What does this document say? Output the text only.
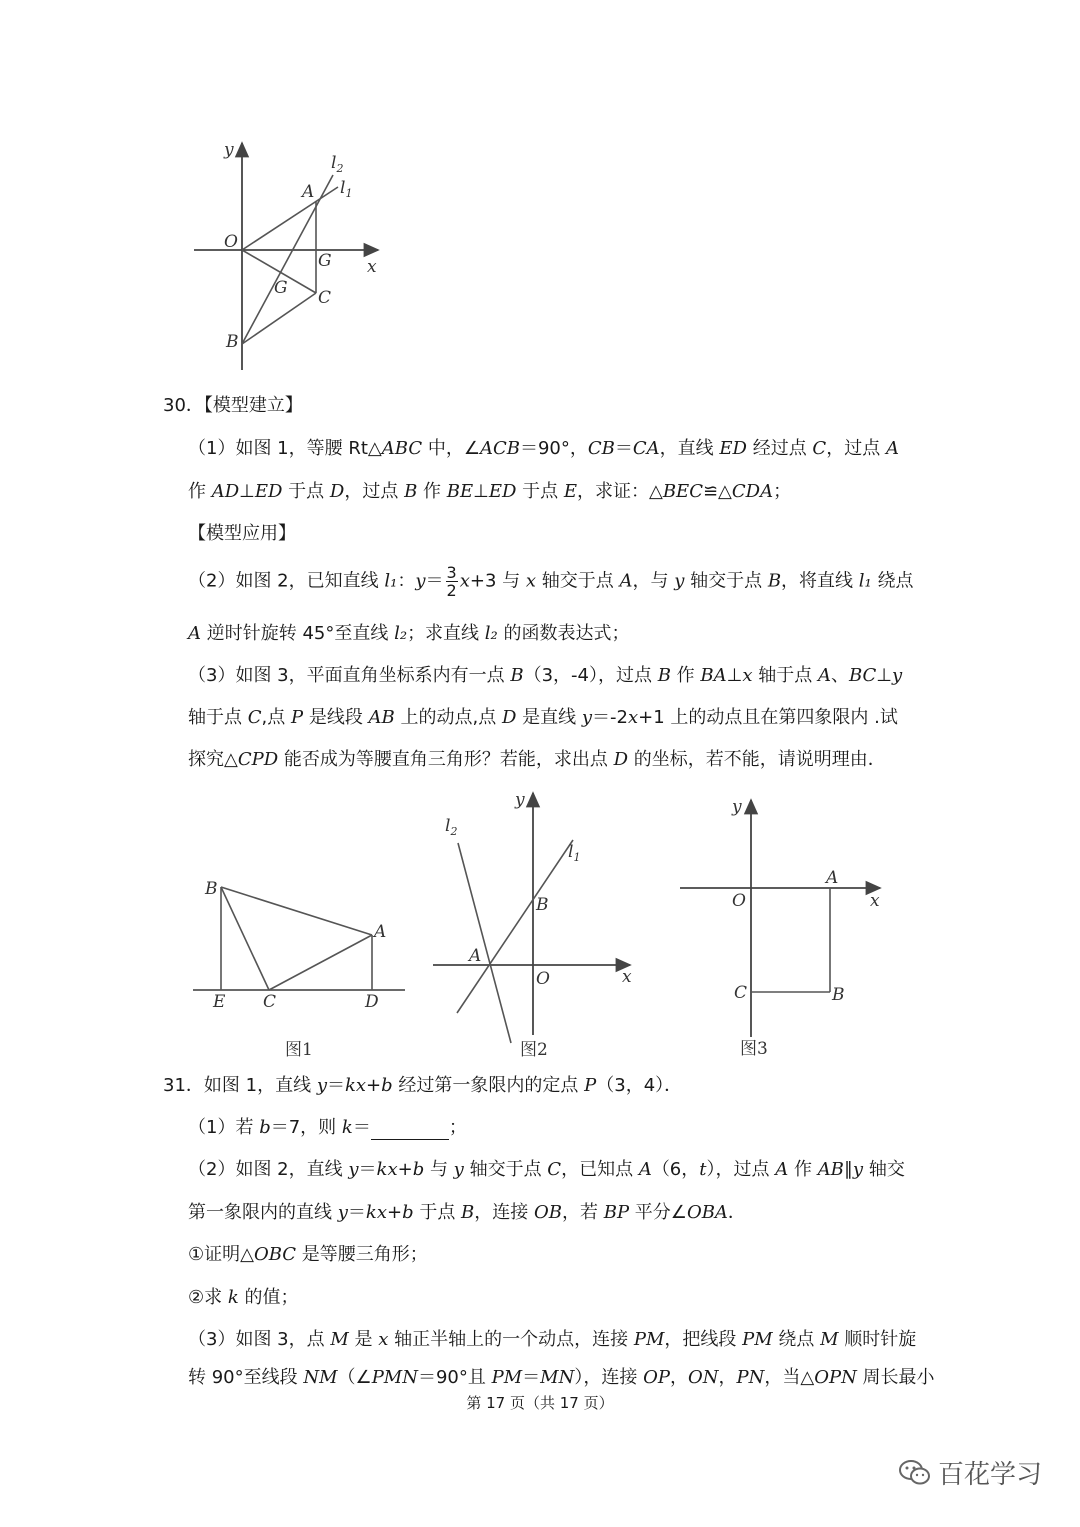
y
x
O
A
B
C
G
G
$l_2$
$l_1$
30．【模型建立】
（1）如图 1，等腰 Rt△ABC 中，∠ACB＝90°，CB＝CA，直线 ED 经过点 C，过点 A
作 AD⊥ED 于点 D，过点 B 作 BE⊥ED 于点 E，求证：△BEC≌△CDA；
【模型应用】
（2）如图 2，已知直线 l₁：$y= \frac{3}{2} x+3$ 与 x 轴交于点 A，与 y 轴交于点 B，将直线 l₁ 绕点
A 逆时针旋转 45°至直线 l₂；求直线 l₂ 的函数表达式；
（3）如图 3，平面直角坐标系内有一点 B（3，-4），过点 B 作 BA⊥x 轴于点 A、BC⊥y
轴于点 C,点 P 是线段 AB 上的动点,点 D 是直线 y＝-2x+1 上的动点且在第四象限内 .试
探究△CPD 能否成为等腰直角三角形？若能，求出点 D 的坐标，若不能，请说明理由．
B
A
E C	D
图1
y
x
$l_2$
$l_1$
B
A
O
图2
y
x
O
A
C	B
图3
31．如图 1，直线 y＝kx+b 经过第一象限内的定点 P（3，4）．
（1）若 b＝7，则 k＝	；
（2）如图 2，直线 y＝kx+b 与 y 轴交于点 C，已知点 A（6，t），过点 A 作 AB∥y 轴交
第一象限内的直线 y＝kx+b 于点 B，连接 OB，若 BP 平分∠OBA．
①证明△OBC 是等腰三角形；
②求 k 的值；
（3）如图 3，点 M 是 x 轴正半轴上的一个动点，连接 PM，把线段 PM 绕点 M 顺时针旋
转 90°至线段 NM（∠PMN＝90°且 PM＝MN），连接 OP，ON，PN，当△OPN 周长最小
第 17 页（共 17 页）
百花学习
